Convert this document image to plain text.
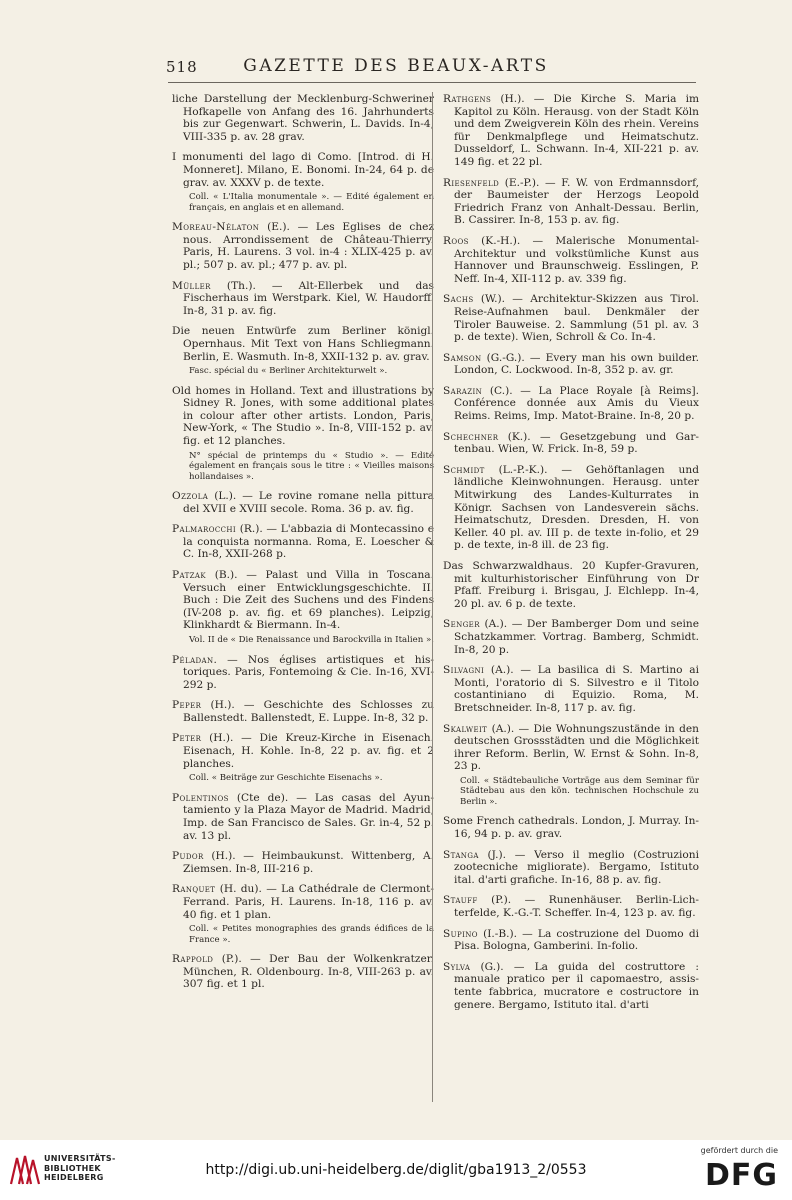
518	GAZETTE DES BEAUX-ARTS
liche Darstellung der Mecklenburg-Schweriner Hofkapelle von Anfang des 16. Jahrhunderts bis zur Gegenwart. Schwerin, L. Davids. In-4, VIII-335 p. av. 28 grav.
I monumenti del lago di Como. [Introd. di H. Monneret]. Milano, E. Bonomi. In-24, 64 p. de grav. av. XXXV p. de texte.
Coll. « L'Italia monumentale ». — Edité également en français, en anglais et en allemand.
Moreau-Nélaton (E.). — Les Eglises de chez nous. Arrondissement de Château-Thierry. Paris, H. Laurens. 3 vol. in-4 : XLIX-425 p. av. pl.; 507 p. av. pl.; 477 p. av. pl.
Müller (Th.). — Alt-Ellerbek und das Fischerhaus im Werstpark. Kiel, W. Haudorff. In-8, 31 p. av. fig.
Die neuen Entwürfe zum Berliner königl. Opernhaus. Mit Text von Hans Schliegmann. Berlin, E. Wasmuth. In-8, XXII-132 p. av. grav.
Fasc. spécial du « Berliner Architekturwelt ».
Old homes in Holland. Text and illustrations by Sidney R. Jones, with some additional plates in colour after other artists. London, Paris, New-York, « The Studio ». In-8, VIII-152 p. av. fig. et 12 planches.
N° spécial de printemps du « Studio ». — Edité également en français sous le titre : « Vieilles maisons hollandaises ».
Ozzola (L.). — Le rovine romane nella pittura del XVII e XVIII secole. Roma. 36 p. av. fig.
Palmarocchi (R.). — L'abbazia di Montecassino e la conquista normanna. Roma, E. Loescher & C. In-8, XXII-268 p.
Patzak (B.). — Palast und Villa in Toscana. Versuch einer Entwicklungsgeschichte. II. Buch : Die Zeit des Suchens und des Findens (IV-208 p. av. fig. et 69 planches). Leipzig, Klinkhardt & Biermann. In-4.
Vol. II de « Die Renaissance und Barockvilla in Italien ».
Péladan. — Nos églises artistiques et historiques. Paris, Fontemoing & Cie. In-16, XVI-292 p.
Peper (H.). — Geschichte des Schlosses zu Ballenstedt. Ballenstedt, E. Luppe. In-8, 32 p.
Peter (H.). — Die Kreuz-Kirche in Eisenach. Eisenach, H. Kohle. In-8, 22 p. av. fig. et 2 planches.
Coll. « Beiträge zur Geschichte Eisenachs ».
Polentinos (Cte de). — Las casas del Ayuntamiento y la Plaza Mayor de Madrid. Madrid, Imp. de San Francisco de Sales. Gr. in-4, 52 p. av. 13 pl.
Pudor (H.). — Heimbaukunst. Wittenberg, A. Ziemsen. In-8, III-216 p.
Ranquet (H. du). — La Cathédrale de Clermont-Ferrand. Paris, H. Laurens. In-18, 116 p. av. 40 fig. et 1 plan.
Coll. « Petites monographies des grands édifices de la France ».
Rappold (P.). — Der Bau der Wolkenkratzer. München, R. Oldenbourg. In-8, VIII-263 p. av. 307 fig. et 1 pl.
Rathgens (H.). — Die Kirche S. Maria im Kapitol zu Köln. Herausg. von der Stadt Köln und dem Zweigverein Köln des rhein. Vereins für Denkmalpflege und Heimatschutz. Dusseldorf, L. Schwann. In-4, XII-221 p. av. 149 fig. et 22 pl.
Riesenfeld (E.-P.). — F. W. von Erdmannsdorf, der Baumeister der Herzogs Leopold Friedrich Franz von Anhalt-Dessau. Berlin, B. Cassirer. In-8, 153 p. av. fig.
Roos (K.-H.). — Malerische Monumental-Architektur und volkstümliche Kunst aus Hannover und Braunschweig. Esslingen, P. Neff. In-4, XII-112 p. av. 339 fig.
Sachs (W.). — Architektur-Skizzen aus Tirol. Reise-Aufnahmen baul. Denkmäler der Tiroler Bauweise. 2. Sammlung (51 pl. av. 3 p. de texte). Wien, Schroll & Co. In-4.
Samson (G.-G.). — Every man his own builder. London, C. Lockwood. In-8, 352 p. av. gr.
Sarazin (C.). — La Place Royale [à Reims]. Conférence donnée aux Amis du Vieux Reims. Reims, Imp. Matot-Braine. In-8, 20 p.
Schechner (K.). — Gesetzgebung und Gartenbau. Wien, W. Frick. In-8, 59 p.
Schmidt (L.-P.-K.). — Gehöftanlagen und ländliche Kleinwohnungen. Herausg. unter Mitwirkung des Landes-Kulturrates in Königr. Sachsen von Landesverein sächs. Heimatschutz, Dresden. Dresden, H. von Keller. 40 pl. av. III p. de texte in-folio, et 29 p. de texte, in-8 ill. de 23 fig.
Das Schwarzwaldhaus. 20 Kupfer-Gravuren, mit kulturhistorischer Einführung von Dr Pfaff. Freiburg i. Brisgau, J. Elchlepp. In-4, 20 pl. av. 6 p. de texte.
Senger (A.). — Der Bamberger Dom und seine Schatzkammer. Vortrag. Bamberg, Schmidt. In-8, 20 p.
Silvagni (A.). — La basilica di S. Martino ai Monti, l'oratorio di S. Silvestro e il Titolo costantiniano di Equizio. Roma, M. Bretschneider. In-8, 117 p. av. fig.
Skalweit (A.). — Die Wohnungszustände in den deutschen Grossstädten und die Möglichkeit ihrer Reform. Berlin, W. Ernst & Sohn. In-8, 23 p.
Coll. « Städtebauliche Vorträge aus dem Seminar für Städtebau aus den kön. technischen Hochschule zu Berlin ».
Some French cathedrals. London, J. Murray. In-16, 94 p. p. av. grav.
Stanga (J.). — Verso il meglio (Costruzioni zootecniche migliorate). Bergamo, Istituto ital. d'arti grafiche. In-16, 88 p. av. fig.
Stauff (P.). — Runenhäuser. Berlin-Lichterfelde, K.-G.-T. Scheffer. In-4, 123 p. av. fig.
Supino (I.-B.). — La costruzione del Duomo di Pisa. Bologna, Gamberini. In-folio.
Sylva (G.). — La guida del costruttore : manuale pratico per il capomaestro, assistente fabbrica, mucratore e costructore in genere. Bergamo, Istituto ital. d'arti
UNIVERSITÄTS-
BIBLIOTHEK
HEIDELBERG	http://digi.ub.uni-heidelberg.de/diglit/gba1913_2/0553
gefördert durch die
DFG
